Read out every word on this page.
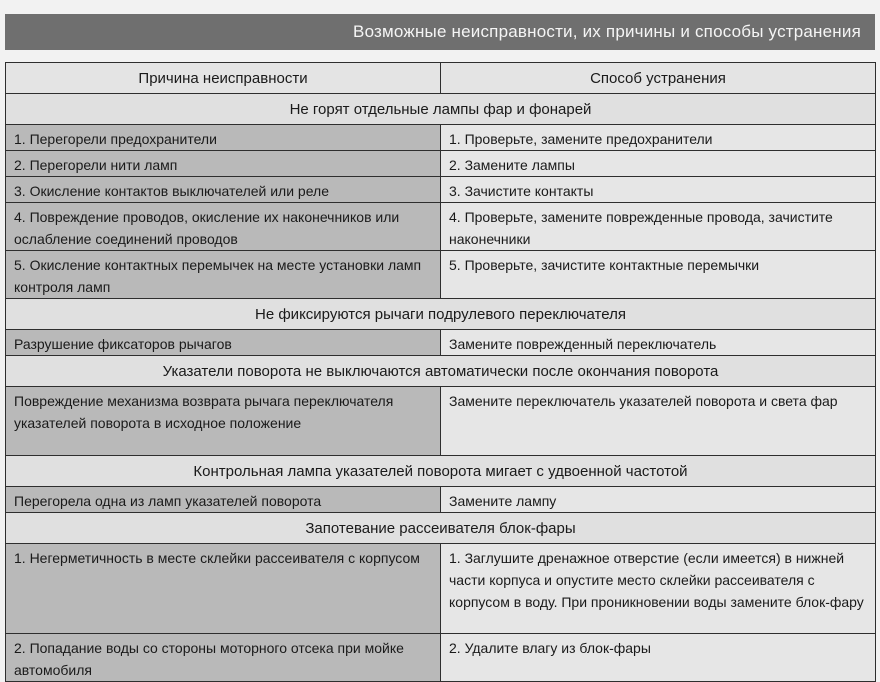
Возможные неисправности, их причины и способы устранения
Причина неисправности	Способ устранения
Не горят отдельные лампы фар и фонарей	
1. Перегорели предохранители	1. Проверьте, замените предохранители
2. Перегорели нити ламп	2. Замените лампы
3. Окисление контактов выключателей или реле	3. Зачистите контакты
4. Повреждение проводов, окисление их наконечников или ослабление соединений проводов	4. Проверьте, замените поврежденные провода, зачистите наконечники
5. Окисление контактных перемычек на месте установки ламп контроля ламп	5. Проверьте, зачистите контактные перемычки
Не фиксируются рычаги подрулевого переключателя	
Разрушение фиксаторов рычагов	Замените поврежденный переключатель
Указатели поворота не выключаются автоматически после окончания поворота	
Повреждение механизма возврата рычага переключателя указателей поворота в исходное положение	Замените переключатель указателей поворота и света фар
Контрольная лампа указателей поворота мигает с удвоенной частотой	
Перегорела одна из ламп указателей поворота	Замените лампу
Запотевание рассеивателя блок-фары	
1. Негерметичность в месте склейки рассеивателя с корпусом	1. Заглушите дренажное отверстие (если имеется) в нижней части корпуса и опустите место склейки рассеивателя с корпусом в воду. При проникновении воды замените блок-фару
2. Попадание воды со стороны моторного отсека при мойке автомобиля	2. Удалите влагу из блок-фары
